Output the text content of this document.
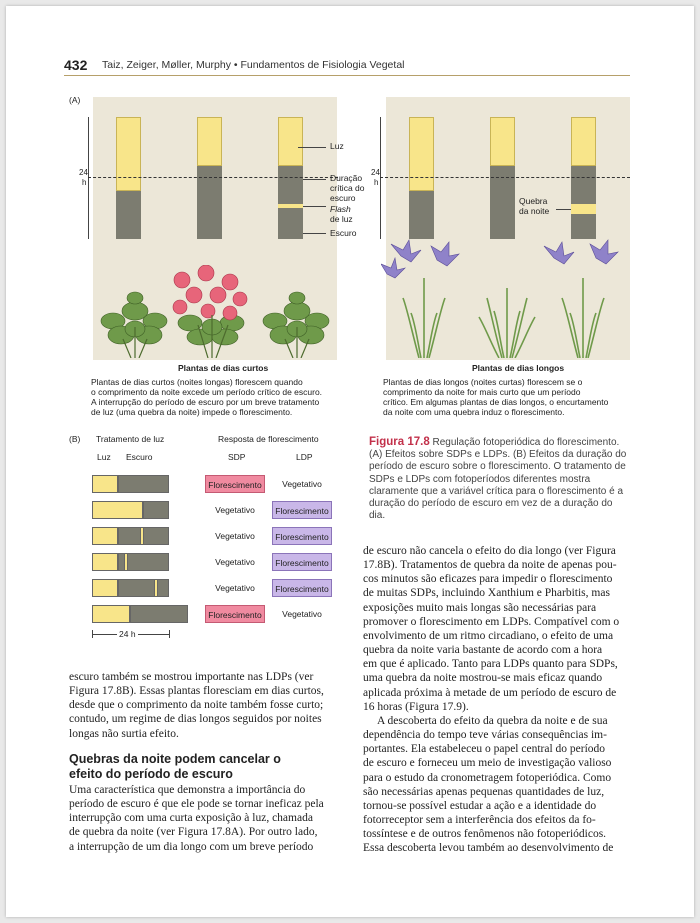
432 Taiz, Zeiger, Møller, Murphy • Fundamentos de Fisiologia Vegetal
(A)
24
h
24
h
Luz
Duração
crítica do
escuro
Flash
de luz
Escuro
Quebra
da noite
Plantas de dias curtos
Plantas de dias curtos (noites longas) florescem quando
o comprimento da noite excede um período crítico de escuro.
A interrupção do período de escuro por um breve tratamento
de luz (uma quebra da noite) impede o florescimento.
Plantas de dias longos
Plantas de dias longos (noites curtas) florescem se o
comprimento da noite for mais curto que um período
crítico. Em algumas plantas de dias longos, o encurtamento
da noite com uma quebra induz o florescimento.
(B) Tratamento de luz	Resposta de florescimento
Luz Escuro	SDP	LDP
Florescimento	Vegetativo
Vegetativo	Florescimento
Vegetativo	Florescimento
Vegetativo	Florescimento
Vegetativo	Florescimento
Florescimento	Vegetativo
24 h
Figura 17.8 Regulação fotoperiódica do florescimento. (A) Efeitos sobre SDPs e LDPs. (B) Efeitos da duração do período de escuro sobre o florescimento. O tratamento de SDPs e LDPs com fotoperíodos diferentes mostra claramente que a variável crítica para o florescimento é a duração do período de escuro em vez de a duração do dia.
escuro também se mostrou importante nas LDPs (ver
Figura 17.8B). Essas plantas floresciam em dias curtos,
desde que o comprimento da noite também fosse curto;
contudo, um regime de dias longos seguidos por noites
longas não surtia efeito.
Quebras da noite podem cancelar o
efeito do período de escuro
Uma característica que demonstra a importância do
período de escuro é que ele pode se tornar ineficaz pela
interrupção com uma curta exposição à luz, chamada
de quebra da noite (ver Figura 17.8A). Por outro lado,
a interrupção de um dia longo com um breve período
de escuro não cancela o efeito do dia longo (ver Figura
17.8B). Tratamentos de quebra da noite de apenas pou-
cos minutos são eficazes para impedir o florescimento
de muitas SDPs, incluindo Xanthium e Pharbitis, mas
exposições muito mais longas são necessárias para
promover o florescimento em LDPs. Compatível com o
envolvimento de um ritmo circadiano, o efeito de uma
quebra da noite varia bastante de acordo com a hora
em que é aplicado. Tanto para LDPs quanto para SDPs,
uma quebra da noite mostrou-se mais eficaz quando
aplicada próxima à metade de um período de escuro de
16 horas (Figura 17.9).
A descoberta do efeito da quebra da noite e de sua
dependência do tempo teve várias consequências im-
portantes. Ela estabeleceu o papel central do período
de escuro e forneceu um meio de investigação valioso
para o estudo da cronometragem fotoperiódica. Como
são necessárias apenas pequenas quantidades de luz,
tornou-se possível estudar a ação e a identidade do
fotorreceptor sem a interferência dos efeitos da fo-
tossíntese e de outros fenômenos não fotoperiódicos.
Essa descoberta levou também ao desenvolvimento de
